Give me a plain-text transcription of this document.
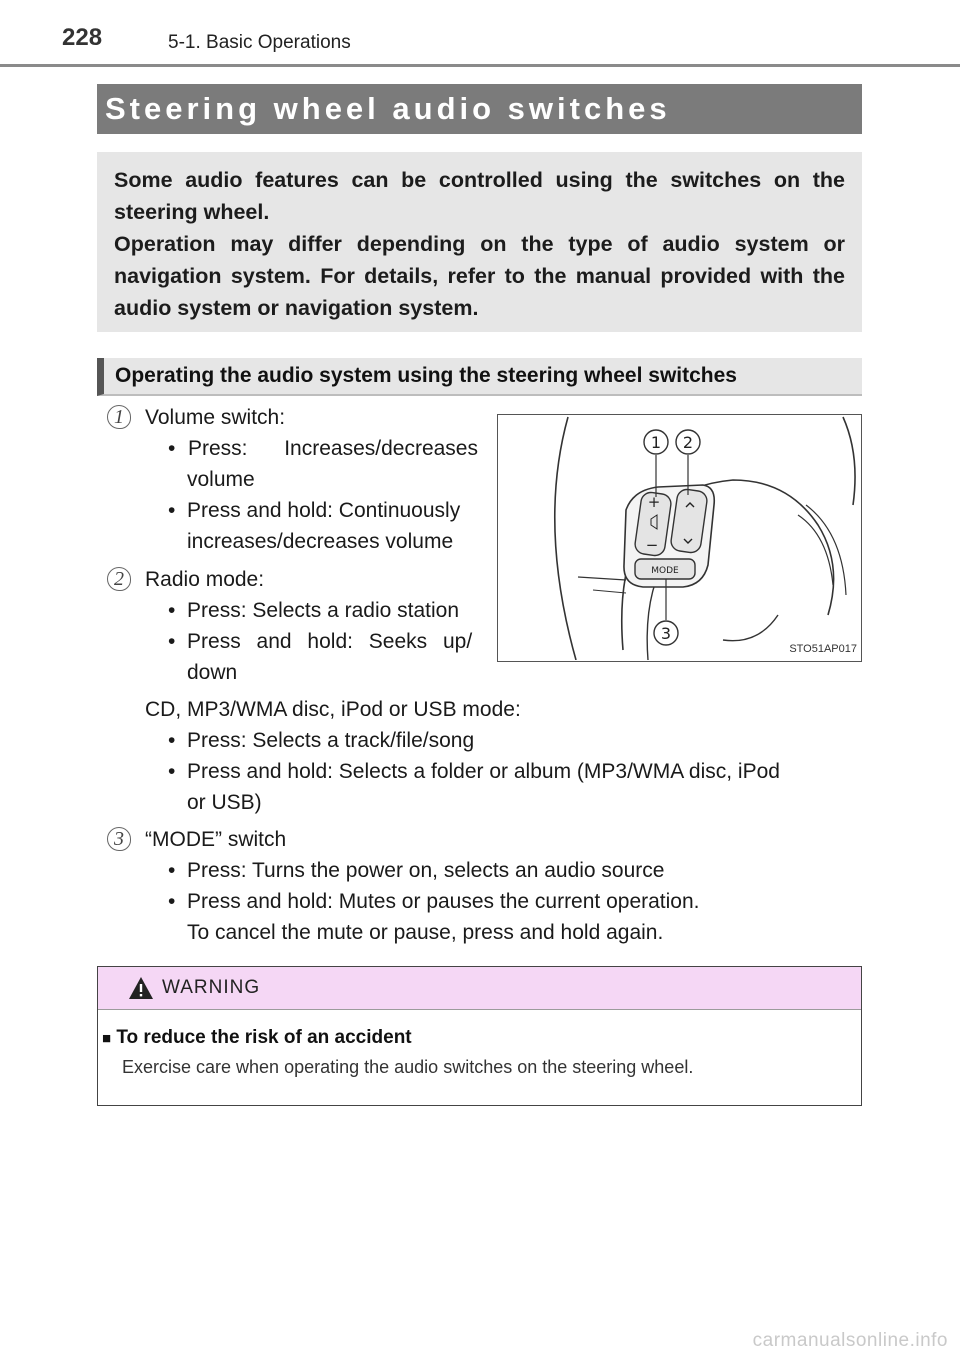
228	5-1. Basic Operations
Steering wheel audio switches

Some audio features can be controlled using the switches on the steering wheel.

Operation may differ depending on the type of audio system or navigation system. For details, refer to the manual provided with the audio system or navigation system.

Operating the audio system using the steering wheel switches
1	Volume switch:
• Press: Increases/decreases
volume
•  Press and hold: Continuously
increases/decreases volume
2	Radio mode:
•  Press: Selects a radio station
•  Press and hold: Seeks up/
down
CD, MP3/WMA disc, iPod or USB mode:
•  Press: Selects a track/file/song
•  Press and hold: Selects a folder or album (MP3/WMA disc, iPod
or USB)
3	“MODE” switch
•  Press: Turns the power on, selects an audio source
•  Press and hold: Mutes or pauses the current operation.
To cancel the mute or pause, press and hold again.
+
−
MODE
1 2
3
STO51AP017
WARNING
■ To reduce the risk of an accident
Exercise care when operating the audio switches on the steering wheel.
carmanualsonline.info
